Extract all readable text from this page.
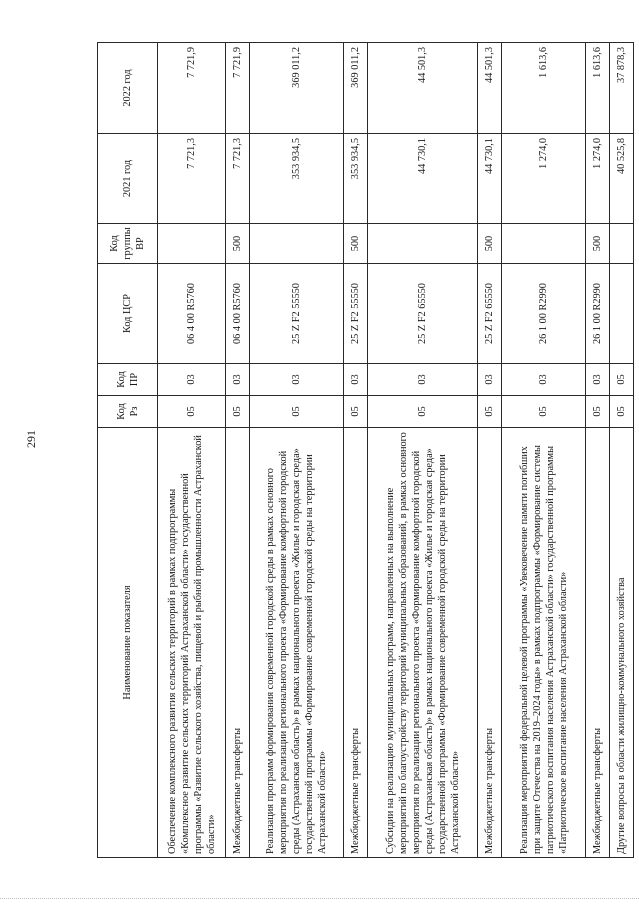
291
Наименование показателя	Код Рз	Код ПР	Код ЦСР	Код группы ВР	2021 год	2022 год
Обеспечение комплексного развития сельских территорий в рамках подпрограммы «Комплексное развитие сельских территорий Астраханской области» государственной программы «Развитие сельского хозяйства, пищевой и рыбной промышленности Астраханской области»	05	03	06 4 00 R5760		7 721,3	7 721,9
Межбюджетные трансферты	05	03	06 4 00 R5760	500	7 721,3	7 721,9
Реализация программ формирования современной городской среды в рамках основного мероприятия по реализации регионального проекта «Формирование комфортной городской среды (Астраханская область)» в рамках национального проекта «Жилье и городская среда» государственной программы «Формирование современной городской среды на территории Астраханской области»	05	03	25 Z F2 55550		353 934,5	369 011,2
Межбюджетные трансферты	05	03	25 Z F2 55550	500	353 934,5	369 011,2
Субсидии на реализацию муниципальных программ, направленных на выполнение мероприятий по благоустройству территорий муниципальных образований, в рамках основного мероприятия по реализации регионального проекта «Формирование комфортной городской среды (Астраханская область)» в рамках национального проекта «Жилье и городская среда» государственной программы «Формирование современной городской среды на территории Астраханской области»	05	03	25 Z F2 65550		44 730,1	44 501,3
Межбюджетные трансферты	05	03	25 Z F2 65550	500	44 730,1	44 501,3
Реализация мероприятий федеральной целевой программы «Увековечение памяти погибших при защите Отечества на 2019–2024 годы» в рамках подпрограммы «Формирование системы патриотического воспитания населения Астраханской области» государственной программы «Патриотическое воспитание населения Астраханской области»	05	03	26 1 00 R2990		1 274,0	1 613,6
Межбюджетные трансферты	05	03	26 1 00 R2990	500	1 274,0	1 613,6
Другие вопросы в области жилищно-коммунального хозяйства	05	05			40 525,8	37 878,3
